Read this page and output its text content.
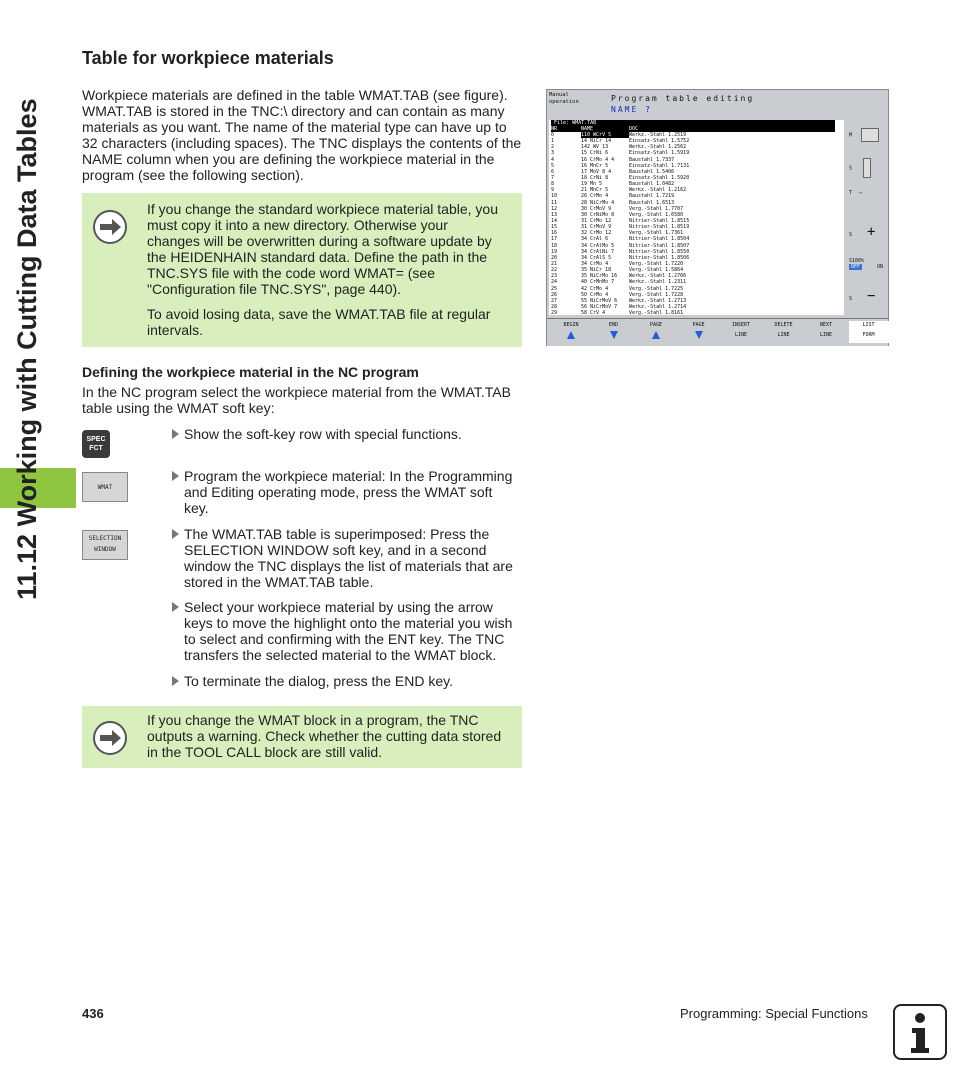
11.12 Working with Cutting Data Tables
Table for workpiece materials

Workpiece materials are defined in the table WMAT.TAB (see figure).

WMAT.TAB is stored in the TNC:\ directory and can contain as many

materials as you want. The name of the material type can have up to

32 characters (including spaces). The TNC displays the contents of the

NAME column when you are defining the workpiece material in the

program (see the following section).

If you change the standard workpiece material table, you

must copy it into a new directory. Otherwise your

changes will be overwritten during a software update by

the HEIDENHAIN standard data. Define the path in the

TNC.SYS file with the code word WMAT= (see

"Configuration file TNC.SYS", page 440).

To avoid losing data, save the WMAT.TAB file at regular

intervals.

Defining the workpiece material in the NC program

In the NC program select the workpiece material from the WMAT.TAB

table using the WMAT soft key:

SPEC
FCT
WMAT
SELECTION
WINDOW
Show the soft-key row with special functions.
Program the workpiece material: In the Programming
and Editing operating mode, press the WMAT soft
key.
The WMAT.TAB table is superimposed: Press the
SELECTION WINDOW soft key, and in a second
window the TNC displays the list of materials that are
stored in the WMAT.TAB table.
Select your workpiece material by using the arrow
keys to move the highlight onto the material you wish
to select and confirming with the ENT key. The TNC
transfers the selected material to the WMAT block.
To terminate the dialog, press the END key.

If you change the WMAT block in a program, the TNC

outputs a warning. Check whether the cutting data stored

in the TOOL CALL block are still valid.

Manual
operation	Program table editing
NAME ?
File: WMAT.TAB
NR	NAME	DOC
0	110 WCrV 5	Werkz.-Stahl 1.2519
1	14 NiCr 14	Einsatz-Stahl 1.5752
2	142 WV 13	Werkz.-Stahl 1.2562
3	15 CrNi 6	Einsatz-Stahl 1.5919
4	16 CrMo 4 4	Baustahl 1.7337
5	16 MnCr 5	Einsatz-Stahl 1.7131
6	17 MoV 8 4	Baustahl 1.5406
7	18 CrNi 8	Einsatz-Stahl 1.5920
8	19 Mn 5	Baustahl 1.0482
9	21 MnCr 5	Werkz.-Stahl 1.2162
10	26 CrMo 4	Baustahl 1.7219
11	28 NiCrMo 4	Baustahl 1.6513
12	30 CrMoV 9	Verg.-Stahl 1.7707
13	30 CrNiMo 8	Verg.-Stahl 1.6580
14	31 CrMo 12	Nitrier-Stahl 1.8515
15	31 CrMoV 9	Nitrier-Stahl 1.8519
16	32 CrMo 12	Verg.-Stahl 1.7361
17	34 CrAl 6	Nitrier-Stahl 1.8504
18	34 CrAlMo 5	Nitrier-Stahl 1.8507
19	34 CrAlNi 7	Nitrier-Stahl 1.8550
20	34 CrAlS 5	Nitrier-Stahl 1.8506
21	34 CrMo 4	Verg.-Stahl 1.7220
22	35 NiCr 18	Verg.-Stahl 1.5864
23	35 NiCrMo 16 Werkz.-Stahl 1.2766
24	40 CrMnMo 7	Werkz.-Stahl 1.2311
25	42 CrMo 4	Verg.-Stahl 1.7225
26	50 CrMo 4	Verg.-Stahl 1.7228
27	55 NiCrMoV 6 Werkz.-Stahl 1.2713
28	56 NiCrMoV 7 Werkz.-Stahl 1.2714
29	58 CrV 4	Verg.-Stahl 1.8161
M
S
T ↔
S +
S100%
OFF	ON
S −
BEGIN	END	PAGE	PAGE	INSERT
LINE
DELETE
LINE
NEXT
LINE
LIST
FORM
436	Programming: Special Functions
